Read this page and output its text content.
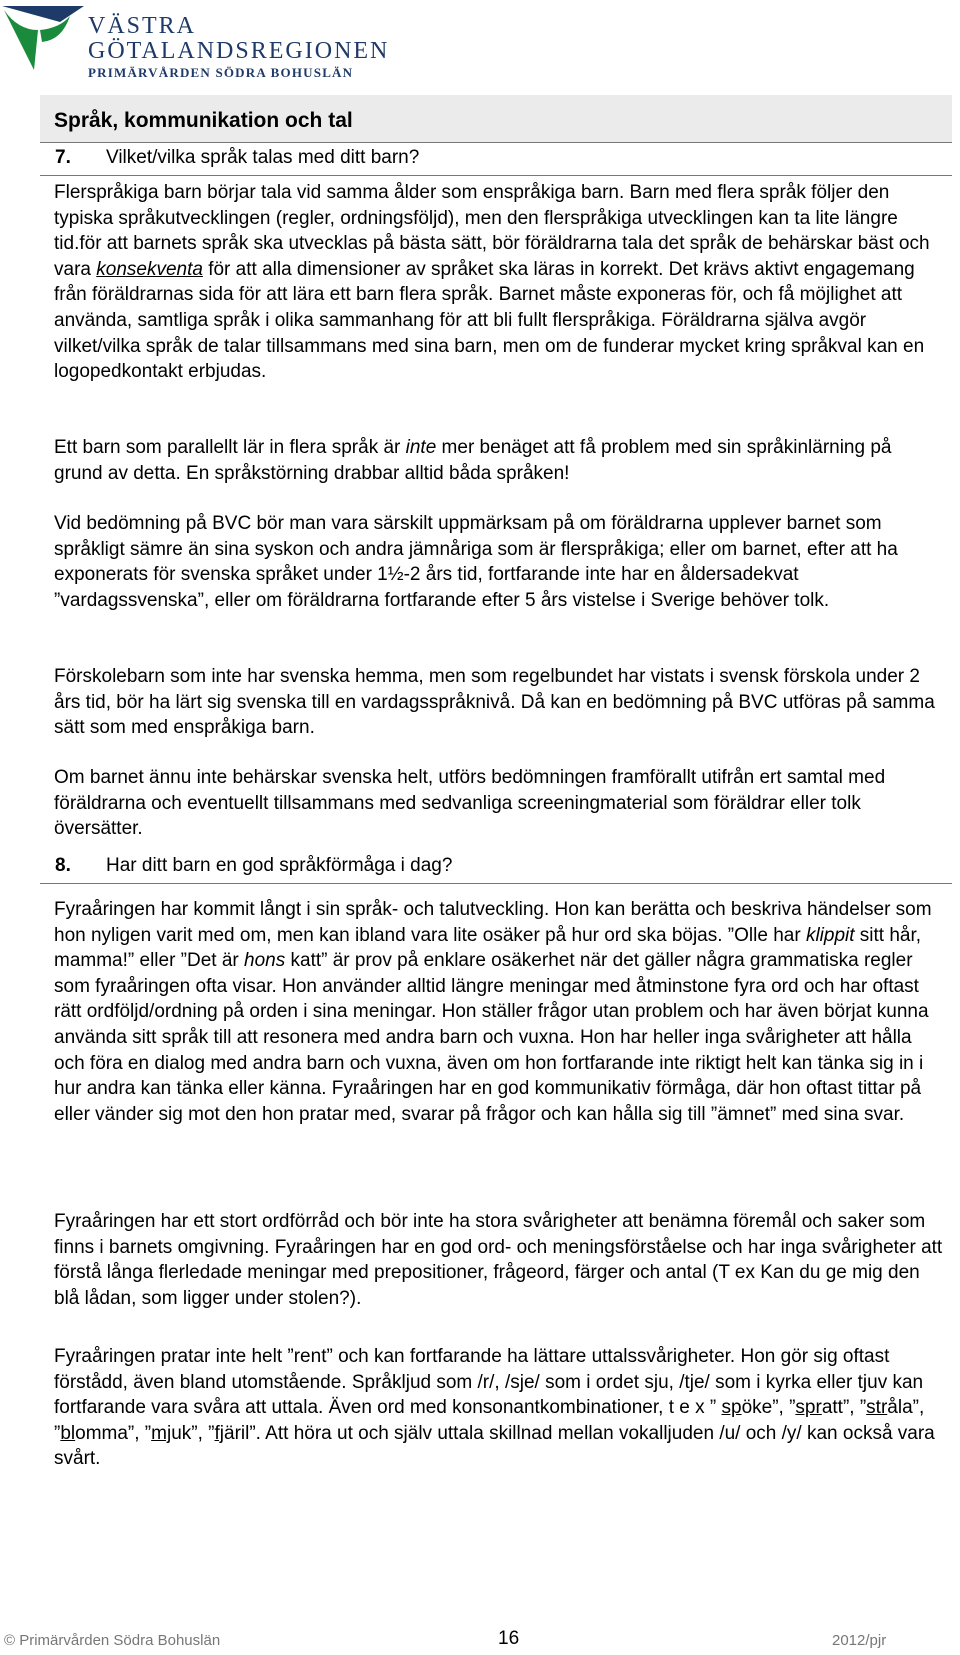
VÄSTRA
GÖTALANDSREGIONEN
PRIMÄRVÅRDEN SÖDRA BOHUSLÄN
Språk, kommunikation och tal
7. Vilket/vilka språk talas med ditt barn?

Flerspråkiga barn börjar tala vid samma ålder som enspråkiga barn. Barn med flera språk följer den typiska språkutvecklingen (regler, ordningsföljd), men den flerspråkiga utvecklingen kan ta lite längre tid.för att barnets språk ska utvecklas på bästa sätt, bör föräldrarna tala det språk de behärskar bäst och vara konsekventa för att alla dimensioner av språket ska läras in korrekt. Det krävs aktivt engagemang från föräldrarnas sida för att lära ett barn flera språk. Barnet måste exponeras för, och få möjlighet att använda, samtliga språk i olika sammanhang för att bli fullt flerspråkiga. Föräldrarna själva avgör vilket/vilka språk de talar tillsammans med sina barn, men om de funderar mycket kring språkval kan en logopedkontakt erbjudas.

Ett barn som parallellt lär in flera språk är inte mer benäget att få problem med sin språkinlärning på grund av detta. En språkstörning drabbar alltid båda språken!

Vid bedömning på BVC bör man vara särskilt uppmärksam på om föräldrarna upplever barnet som språkligt sämre än sina syskon och andra jämnåriga som är flerspråkiga; eller om barnet, efter att ha exponerats för svenska språket under 1½-2 års tid, fortfarande inte har en åldersadekvat ”vardagssvenska”, eller om föräldrarna fortfarande efter 5 års vistelse i Sverige behöver tolk.

Förskolebarn som inte har svenska hemma, men som regelbundet har vistats i svensk förskola under 2 års tid, bör ha lärt sig svenska till en vardagsspråknivå. Då kan en bedömning på BVC utföras på samma sätt som med enspråkiga barn.

Om barnet ännu inte behärskar svenska helt, utförs bedömningen framförallt utifrån ert samtal med föräldrarna och eventuellt tillsammans med sedvanliga screeningmaterial som föräldrar eller tolk översätter.

8. Har ditt barn en god språkförmåga i dag?

Fyraåringen har kommit långt i sin språk- och talutveckling. Hon kan berätta och beskriva händelser som hon nyligen varit med om, men kan ibland vara lite osäker på hur ord ska böjas. ”Olle har klippit sitt hår, mamma!” eller ”Det är hons katt” är prov på enklare osäkerhet när det gäller några grammatiska regler som fyraåringen ofta visar. Hon använder alltid längre meningar med åtminstone fyra ord och har oftast rätt ordföljd/ordning på orden i sina meningar. Hon ställer frågor utan problem och har även börjat kunna använda sitt språk till att resonera med andra barn och vuxna. Hon har heller inga svårigheter att hålla och föra en dialog med andra barn och vuxna, även om hon fortfarande inte riktigt helt kan tänka sig in i hur andra kan tänka eller känna. Fyraåringen har en god kommunikativ förmåga, där hon oftast tittar på eller vänder sig mot den hon pratar med, svarar på frågor och kan hålla sig till ”ämnet” med sina svar.

Fyraåringen har ett stort ordförråd och bör inte ha stora svårigheter att benämna föremål och saker som finns i barnets omgivning. Fyraåringen har en god ord- och meningsförståelse och har inga svårigheter att förstå långa flerledade meningar med prepositioner, frågeord, färger och antal (T ex Kan du ge mig den blå lådan, som ligger under stolen?).

Fyraåringen pratar inte helt ”rent” och kan fortfarande ha lättare uttalssvårigheter. Hon gör sig oftast förstådd, även bland utomstående. Språkljud som /r/, /sje/ som i ordet sju, /tje/ som i kyrka eller tjuv kan fortfarande vara svåra att uttala. Även ord med konsonantkombinationer, t e x ” spöke”, ”spratt”, ”stråla”, ”blomma”, ”mjuk”, ”fjäril”. Att höra ut och själv uttala skillnad mellan vokalljuden /u/ och /y/ kan också vara svårt.

© Primärvården Södra Bohuslän	16	2012/pjr
